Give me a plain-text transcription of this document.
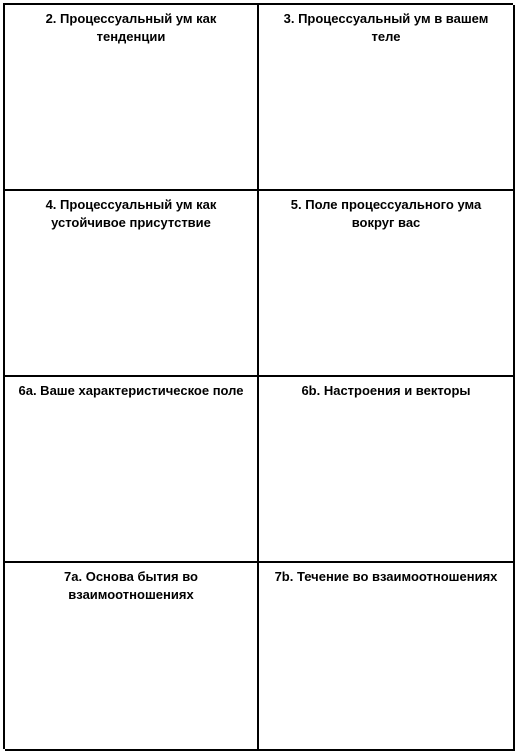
2. Процессуальный ум как тенденции
3. Процессуальный ум в вашем теле
4. Процессуальный ум как устойчивое присутствие
5. Поле процессуального ума вокруг вас
6a. Ваше характеристическое поле	6b. Настроения и векторы
7a. Основа бытия во взаимоотношениях
7b. Течение во взаимоотношениях
